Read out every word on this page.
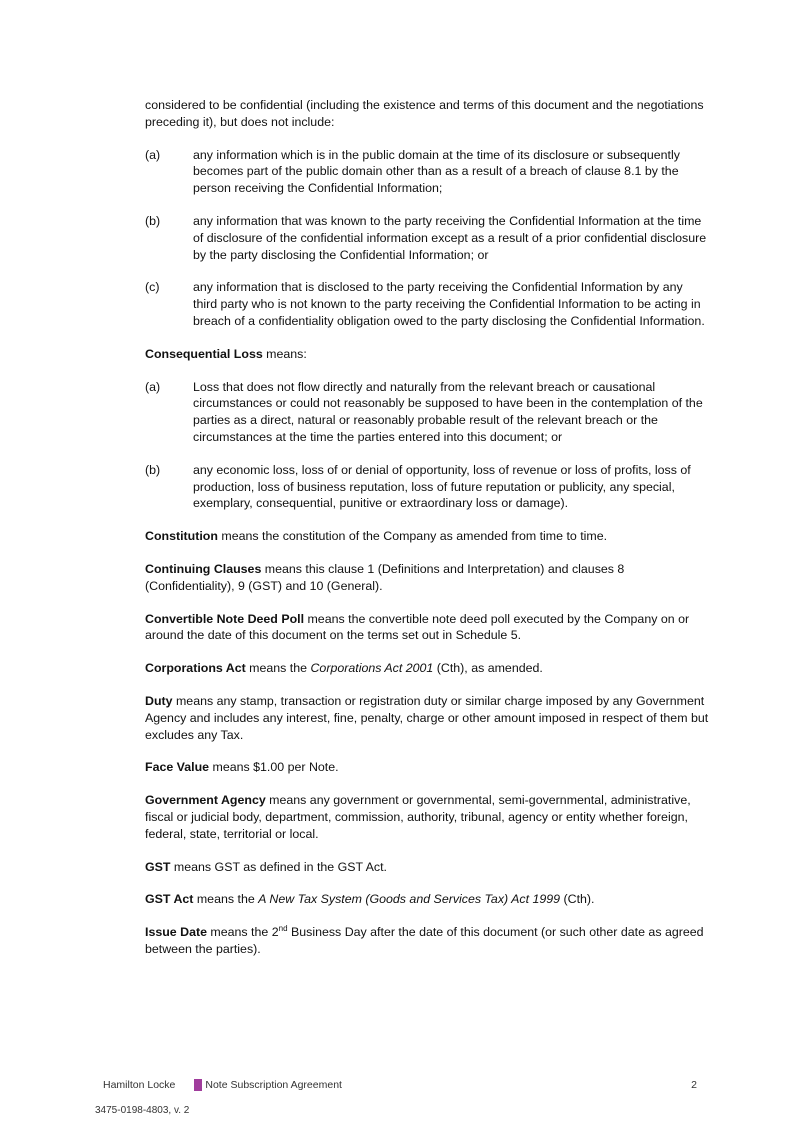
considered to be confidential (including the existence and terms of this document and the negotiations preceding it), but does not include:

(a)	any information which is in the public domain at the time of its disclosure or subsequently becomes part of the public domain other than as a result of a breach of clause 8.1 by the person receiving the Confidential Information;
(b)	any information that was known to the party receiving the Confidential Information at the time of disclosure of the confidential information except as a result of a prior confidential disclosure by the party disclosing the Confidential Information; or
(c)	any information that is disclosed to the party receiving the Confidential Information by any third party who is not known to the party receiving the Confidential Information to be acting in breach of a confidentiality obligation owed to the party disclosing the Confidential Information.

Consequential Loss means:

(a)	Loss that does not flow directly and naturally from the relevant breach or causational circumstances or could not reasonably be supposed to have been in the contemplation of the parties as a direct, natural or reasonably probable result of the relevant breach or the circumstances at the time the parties entered into this document; or
(b)	any economic loss, loss of or denial of opportunity, loss of revenue or loss of profits, loss of production, loss of business reputation, loss of future reputation or publicity, any special, exemplary, consequential, punitive or extraordinary loss or damage).

Constitution means the constitution of the Company as amended from time to time.

Continuing Clauses means this clause 1 (Definitions and Interpretation) and clauses 8 (Confidentiality), 9 (GST) and 10 (General).

Convertible Note Deed Poll means the convertible note deed poll executed by the Company on or around the date of this document on the terms set out in Schedule 5.

Corporations Act means the Corporations Act 2001 (Cth), as amended.

Duty means any stamp, transaction or registration duty or similar charge imposed by any Government Agency and includes any interest, fine, penalty, charge or other amount imposed in respect of them but excludes any Tax.

Face Value means $1.00 per Note.

Government Agency means any government or governmental, semi-governmental, administrative, fiscal or judicial body, department, commission, authority, tribunal, agency or entity whether foreign, federal, state, territorial or local.

GST means GST as defined in the GST Act.

GST Act means the A New Tax System (Goods and Services Tax) Act 1999 (Cth).

Issue Date means the 2nd Business Day after the date of this document (or such other date as agreed between the parties).

Hamilton Locke	Note Subscription Agreement	2
3475-0198-4803, v. 2
